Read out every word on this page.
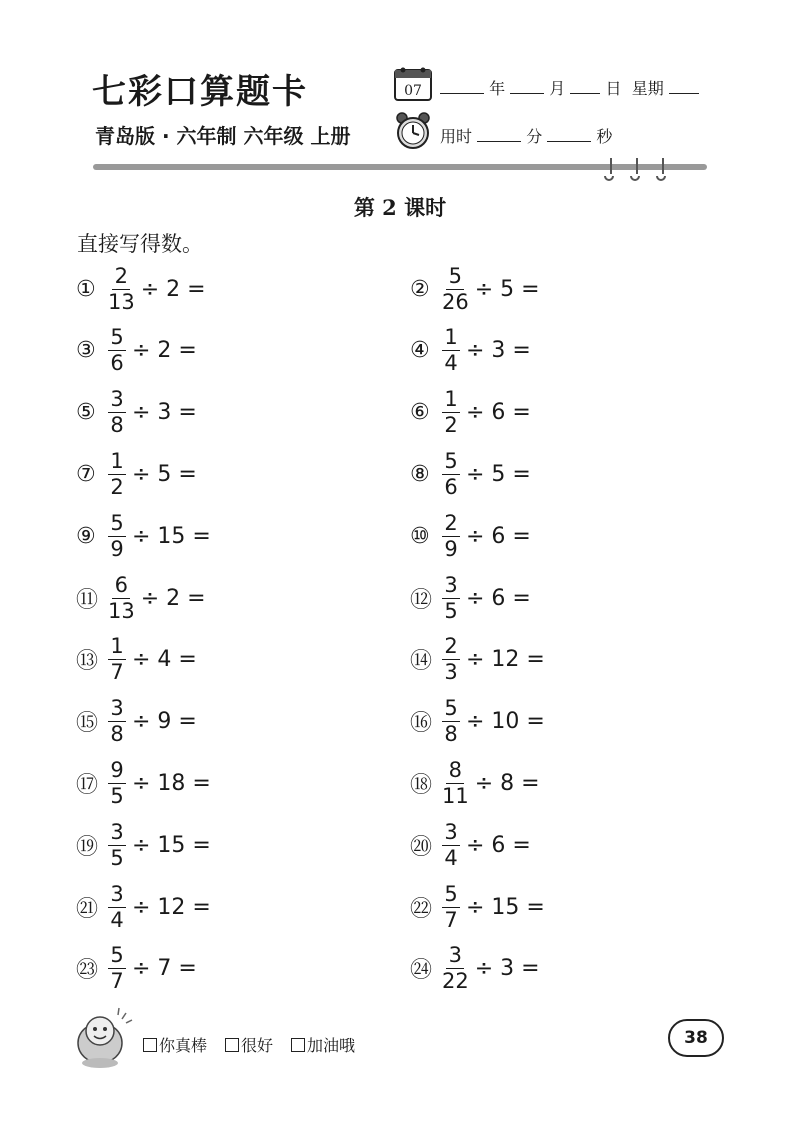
七彩口算题卡
青岛版 · 六年制 六年级 上册
07	年	月	日 星期
用时	分	秒
第 2 课时
直接写得数。
① $\frac{2}{13} \div 2$ =	② $\frac{5}{26} \div 5$ =
③ $\frac{5}{6} \div 2$ =	④ $\frac{1}{4} \div 3$ =
⑤ $\frac{3}{8} \div 3$ =	⑥ $\frac{1}{2} \div 6$ =
⑦ $\frac{1}{2} \div 5$ =	⑧ $\frac{5}{6} \div 5$ =
⑨ $\frac{5}{9} \div 15$ =	⑩ $\frac{2}{9} \div 6$ =
⑪ $\frac{6}{13} \div 2$ =	⑫ $\frac{3}{5} \div 6$ =
⑬ $\frac{1}{7} \div 4$ =	⑭ $\frac{2}{3} \div 12$ =
⑮ $\frac{3}{8} \div 9$ =	⑯ $\frac{5}{8} \div 10$ =
⑰ $\frac{9}{5} \div 18$ =	⑱ $\frac{8}{11} \div 8$ =
⑲ $\frac{3}{5} \div 15$ =	⑳ $\frac{3}{4} \div 6$ =
㉑ $\frac{3}{4} \div 12$ =	㉒ $\frac{5}{7} \div 15$ =
㉓ $\frac{5}{7} \div 7$ =	㉔ $\frac{3}{22} \div 3$ =
你真棒 很好 加油哦	38
